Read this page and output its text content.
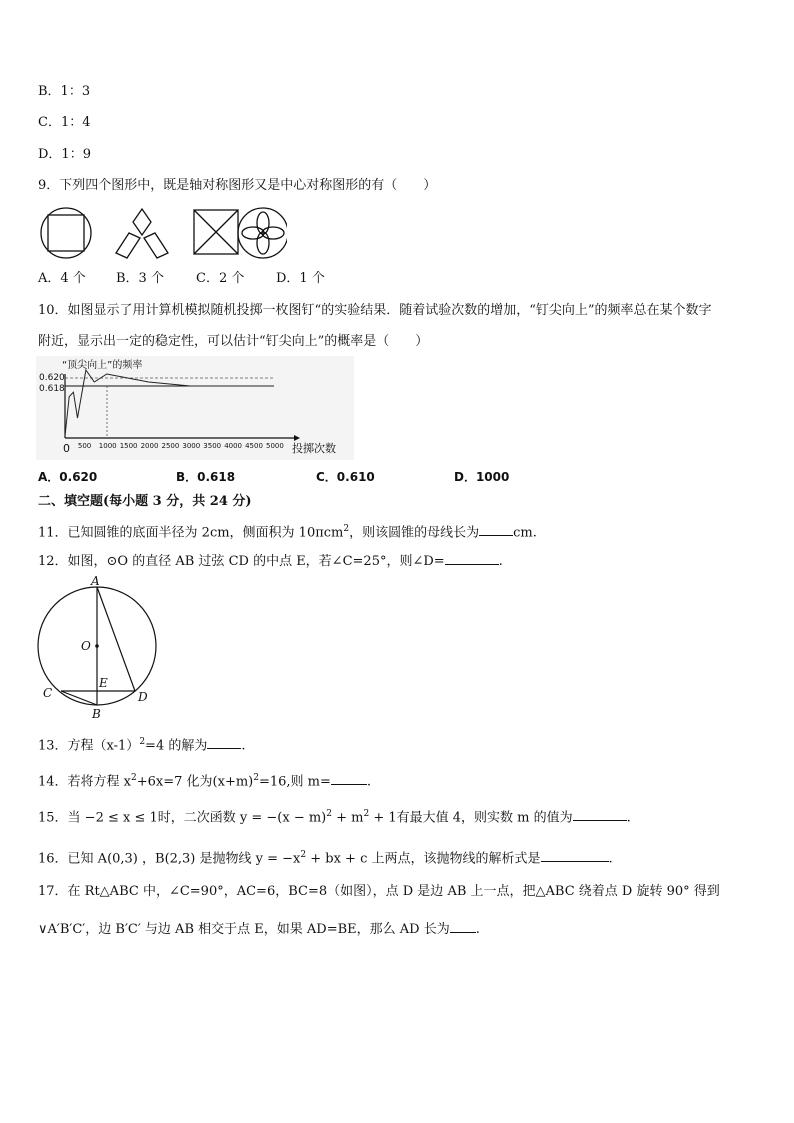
B．1：3
C．1：4
D．1：9
9．下列四个图形中，既是轴对称图形又是中心对称图形的有（　　）
A．4 个 B．3 个 C．2 个 D．1 个
10．如图显示了用计算机模拟随机投掷一枚图钉“的实验结果．随着试验次数的增加，“钉尖向上”的频率总在某个数字
附近，显示出一定的稳定性，可以估计“钉尖向上”的概率是（　　）
“顶尖向上”的频率
0.620
0.618
0 500 1000 1500 2000 2500 3000 3500 4000 4500 5000 投掷次数
A．0.620	B．0.618	C．0.610	D．1000
二、填空题(每小题 3 分，共 24 分)
11．已知圆锥的底面半径为 2cm，侧面积为 10πcm$^2$，则该圆锥的母线长为	cm.
12．如图，⊙O 的直径 AB 过弦 CD 的中点 E，若∠C=25°，则∠D=	.
A
O
E
C	D
B
13．方程$(x-1)^2=4$ 的解为	.
14．若将方程 $x^2+6x=7$ 化为$(x+m)^2=16$,则 m=	.
15．当 −2 ≤ x ≤ 1时，二次函数 $y = -(x - m)^2 + m^2 + 1$有最大值 4，则实数 m 的值为	.
16．已知 A(0,3) ，B(2,3) 是抛物线 $y = -x^2$ + bx + c 上两点，该抛物线的解析式是	.
17．在 Rt△ABC 中，∠C=90°，AC=6，BC=8（如图），点 D 是边 AB 上一点，把△ABC 绕着点 D 旋转 90° 得到
∨A′B′C′，边 B′C′ 与边 AB 相交于点 E，如果 AD=BE，那么 AD 长为 .
